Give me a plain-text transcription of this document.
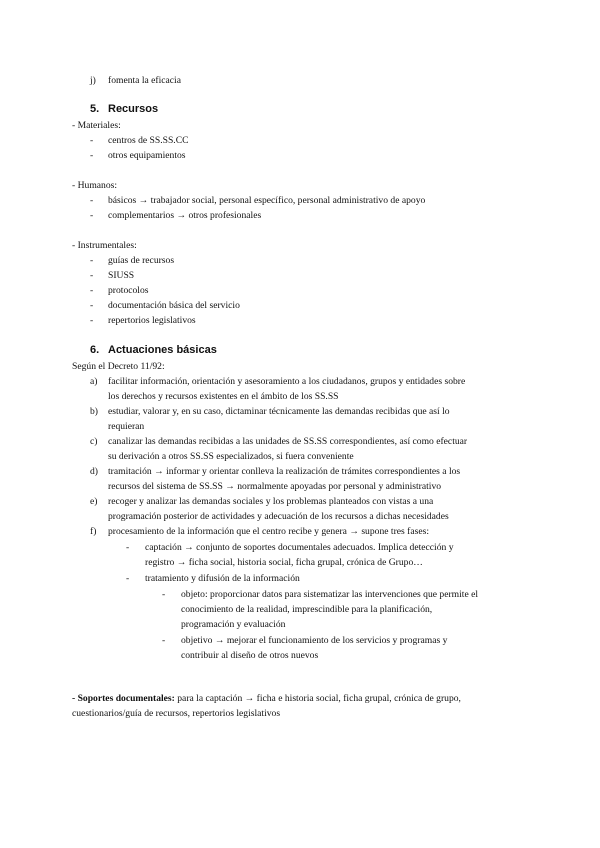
j) fomenta la eficacia
5. Recursos
- Materiales:
- centros de SS.SS.CC
- otros equipamientos
- Humanos:
- básicos → trabajador social, personal específico, personal administrativo de apoyo
- complementarios → otros profesionales
- Instrumentales:
- guías de recursos
- SIUSS
- protocolos
- documentación básica del servicio
- repertorios legislativos
6. Actuaciones básicas
Según el Decreto 11/92:
a) facilitar información, orientación y asesoramiento a los ciudadanos, grupos y entidades sobre
los derechos y recursos existentes en el ámbito de los SS.SS
b) estudiar, valorar y, en su caso, dictaminar técnicamente las demandas recibidas que así lo
requieran
c) canalizar las demandas recibidas a las unidades de SS.SS correspondientes, así como efectuar
su derivación a otros SS.SS especializados, si fuera conveniente
d) tramitación → informar y orientar conlleva la realización de trámites correspondientes a los
recursos del sistema de SS.SS → normalmente apoyadas por personal y administrativo
e) recoger y analizar las demandas sociales y los problemas planteados con vistas a una
programación posterior de actividades y adecuación de los recursos a dichas necesidades
f) procesamiento de la información que el centro recibe y genera → supone tres fases:
- captación → conjunto de soportes documentales adecuados. Implica detección y
registro → ficha social, historia social, ficha grupal, crónica de Grupo…
- tratamiento y difusión de la información
- objeto: proporcionar datos para sistematizar las intervenciones que permite el
conocimiento de la realidad, imprescindible para la planificación,
programación y evaluación
- objetivo → mejorar el funcionamiento de los servicios y programas y
contribuir al diseño de otros nuevos
- Soportes documentales: para la captación → ficha e historia social, ficha grupal, crónica de grupo,
cuestionarios/guía de recursos, repertorios legislativos
